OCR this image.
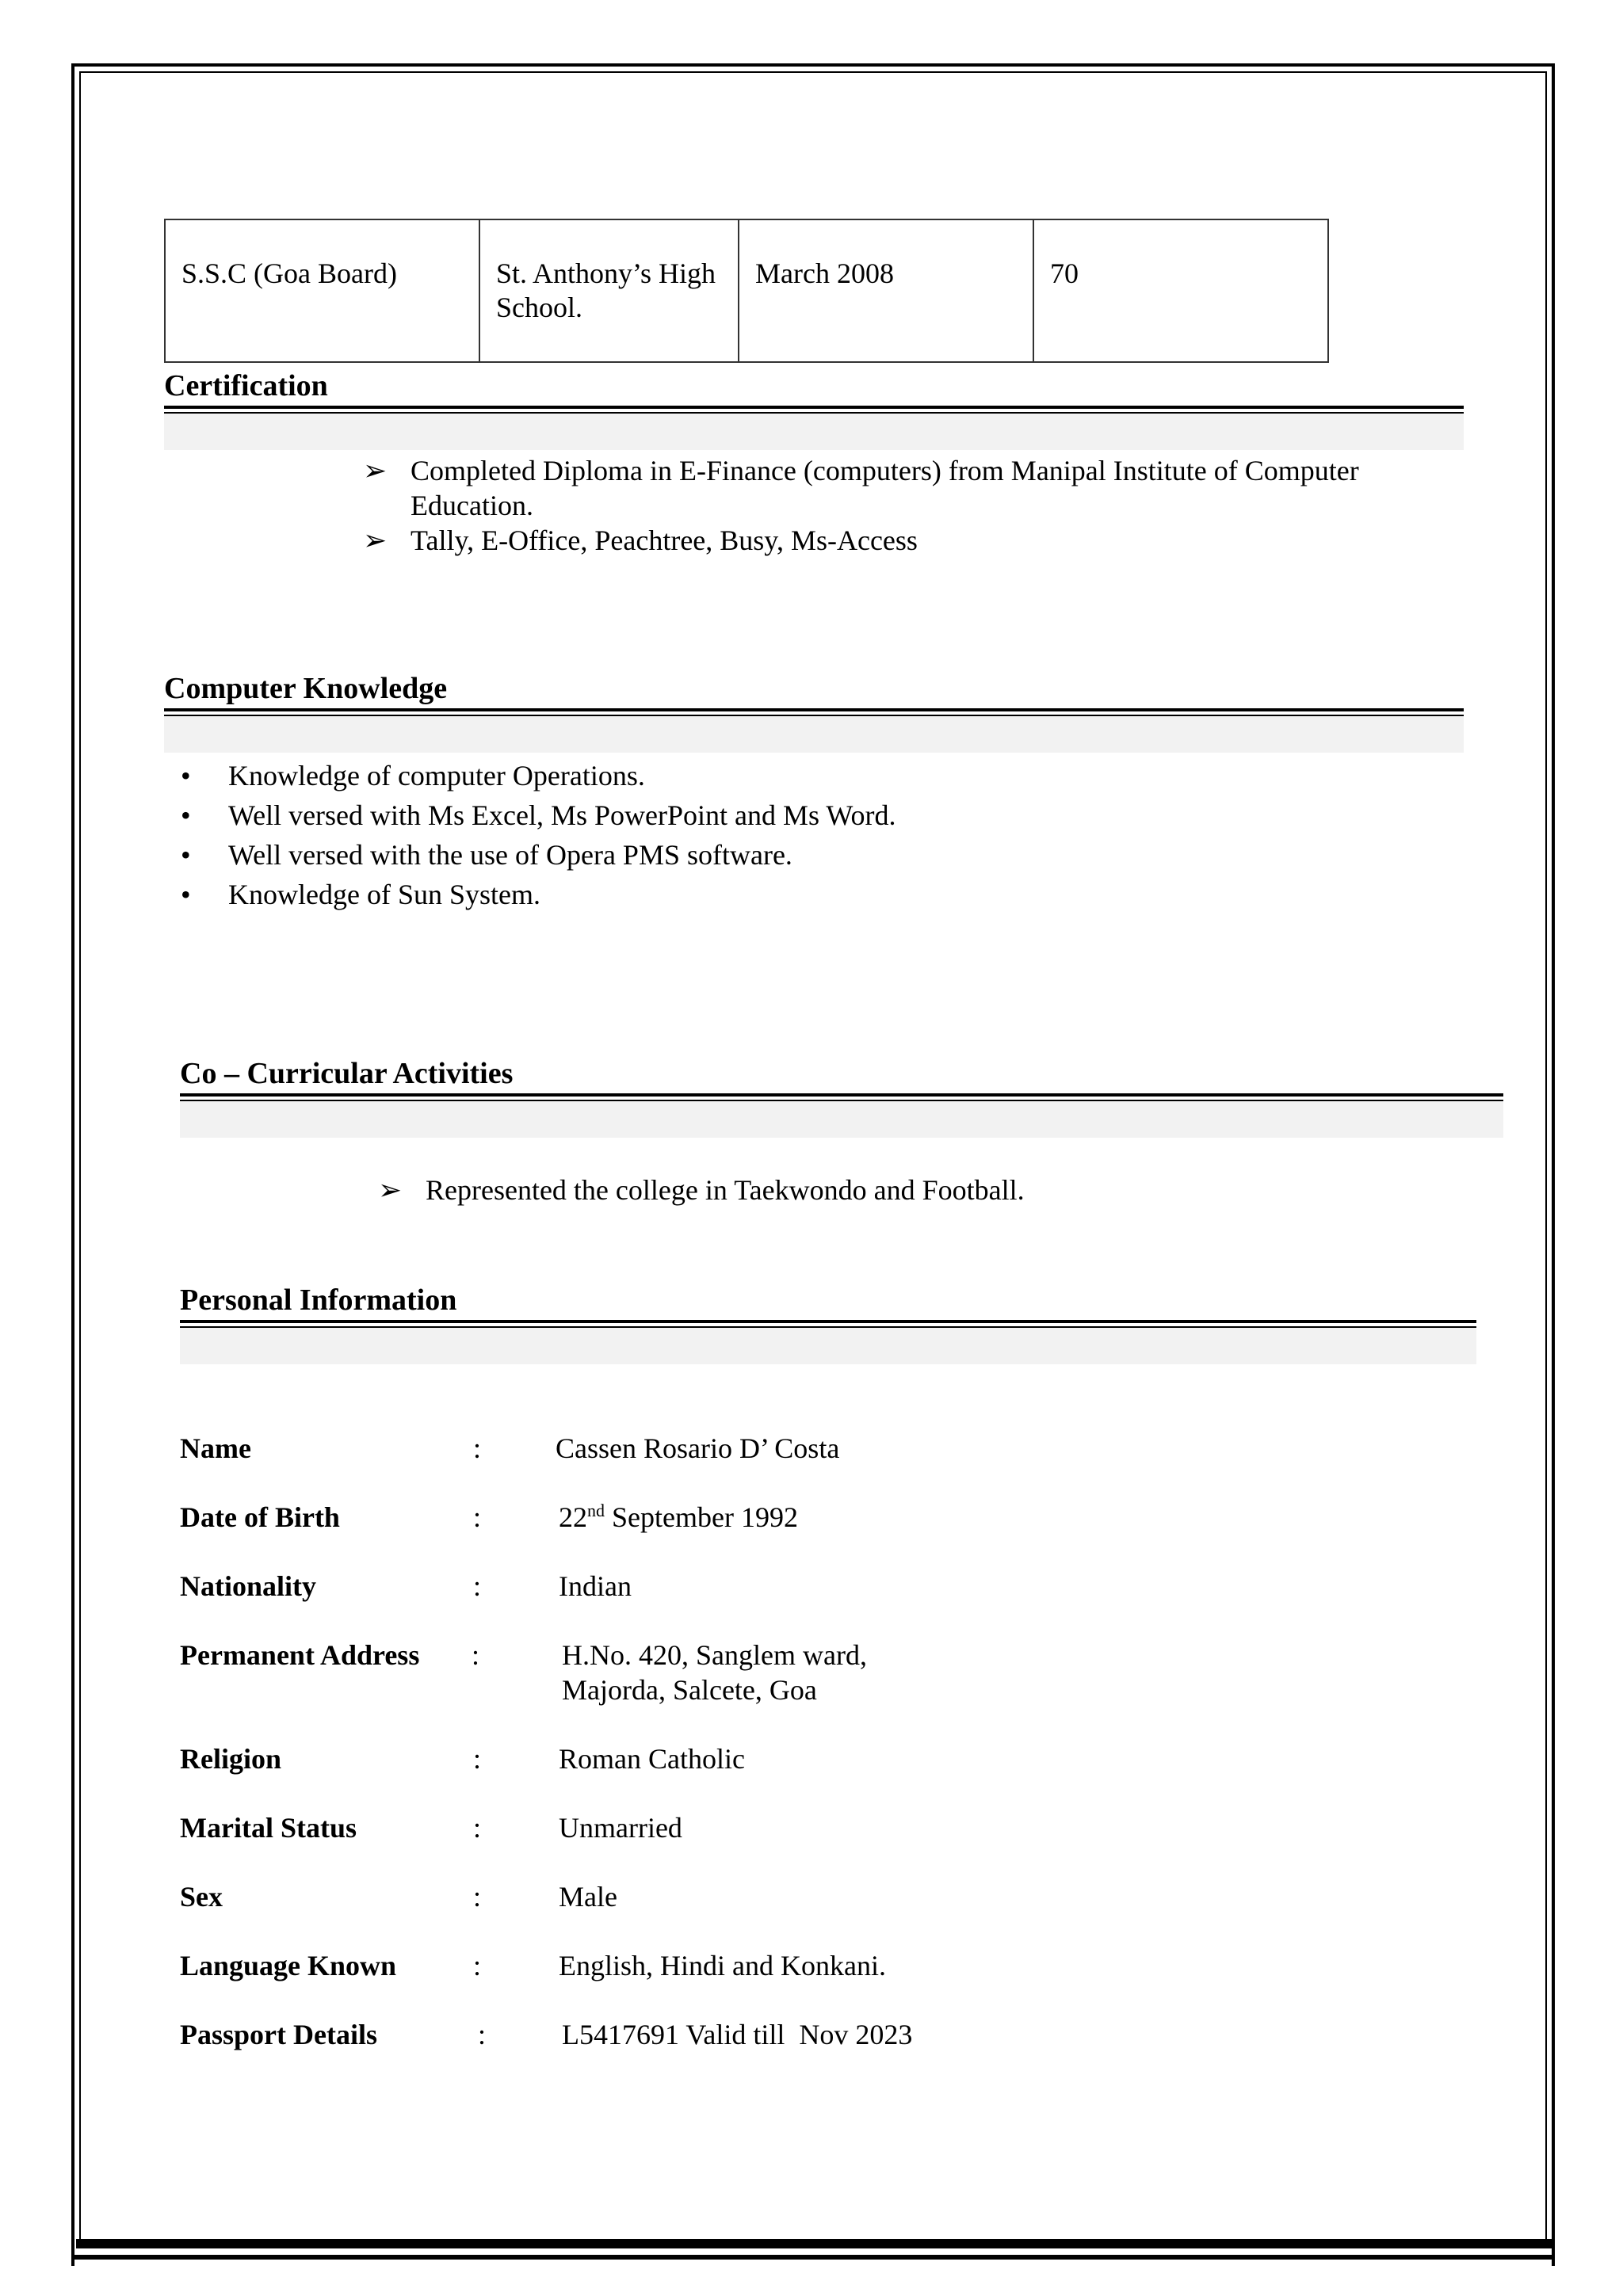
S.S.C (Goa Board)	St. Anthony’s High School.	March 2008	70
Certification
➢ Completed Diploma in E-Finance (computers) from Manipal Institute of Computer Education.
➢ Tally, E-Office, Peachtree, Busy, Ms-Access
Computer Knowledge
• Knowledge of computer Operations.
• Well versed with Ms Excel, Ms PowerPoint and Ms Word.
• Well versed with the use of Opera PMS software.
• Knowledge of Sun System.
Co – Curricular Activities
➢ Represented the college in Taekwondo and Football.
Personal Information
Name	:	Cassen Rosario D’ Costa
Date of Birth	:	22nd September 1992
Nationality	:	Indian
Permanent Address :	H.No. 420, Sanglem ward,
Majorda, Salcete, Goa
Religion	:	Roman Catholic
Marital Status	:	Unmarried
Sex	:	Male
Language Known	:	English, Hindi and Konkani.
Passport Details	:	L5417691 Valid till  Nov 2023
